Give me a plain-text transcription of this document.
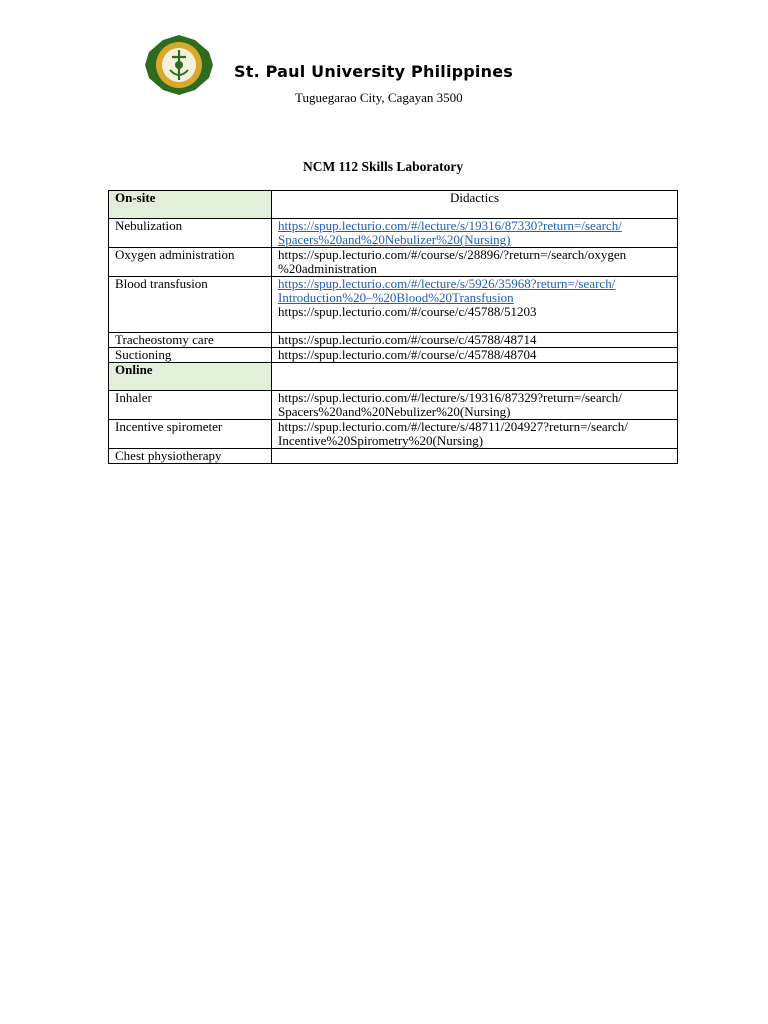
St. Paul University Philippines
Tuguegarao City, Cagayan 3500
NCM 112 Skills Laboratory
On-site	Didactics
Nebulization	https://spup.lecturio.com/#/lecture/s/19316/87330?return=/search/
Spacers%20and%20Nebulizer%20(Nursing)

Oxygen administration	https://spup.lecturio.com/#/course/s/28896/?return=/search/oxygen
%20administration

Blood transfusion	https://spup.lecturio.com/#/lecture/s/5926/35968?return=/search/
Introduction%20–%20Blood%20Transfusion
https://spup.lecturio.com/#/course/c/45788/51203

Tracheostomy care	https://spup.lecturio.com/#/course/c/45788/48714
Suctioning	https://spup.lecturio.com/#/course/c/45788/48704
Online	
Inhaler	https://spup.lecturio.com/#/lecture/s/19316/87329?return=/search/
Spacers%20and%20Nebulizer%20(Nursing)

Incentive spirometer	https://spup.lecturio.com/#/lecture/s/48711/204927?return=/search/
Incentive%20Spirometry%20(Nursing)

Chest physiotherapy	
